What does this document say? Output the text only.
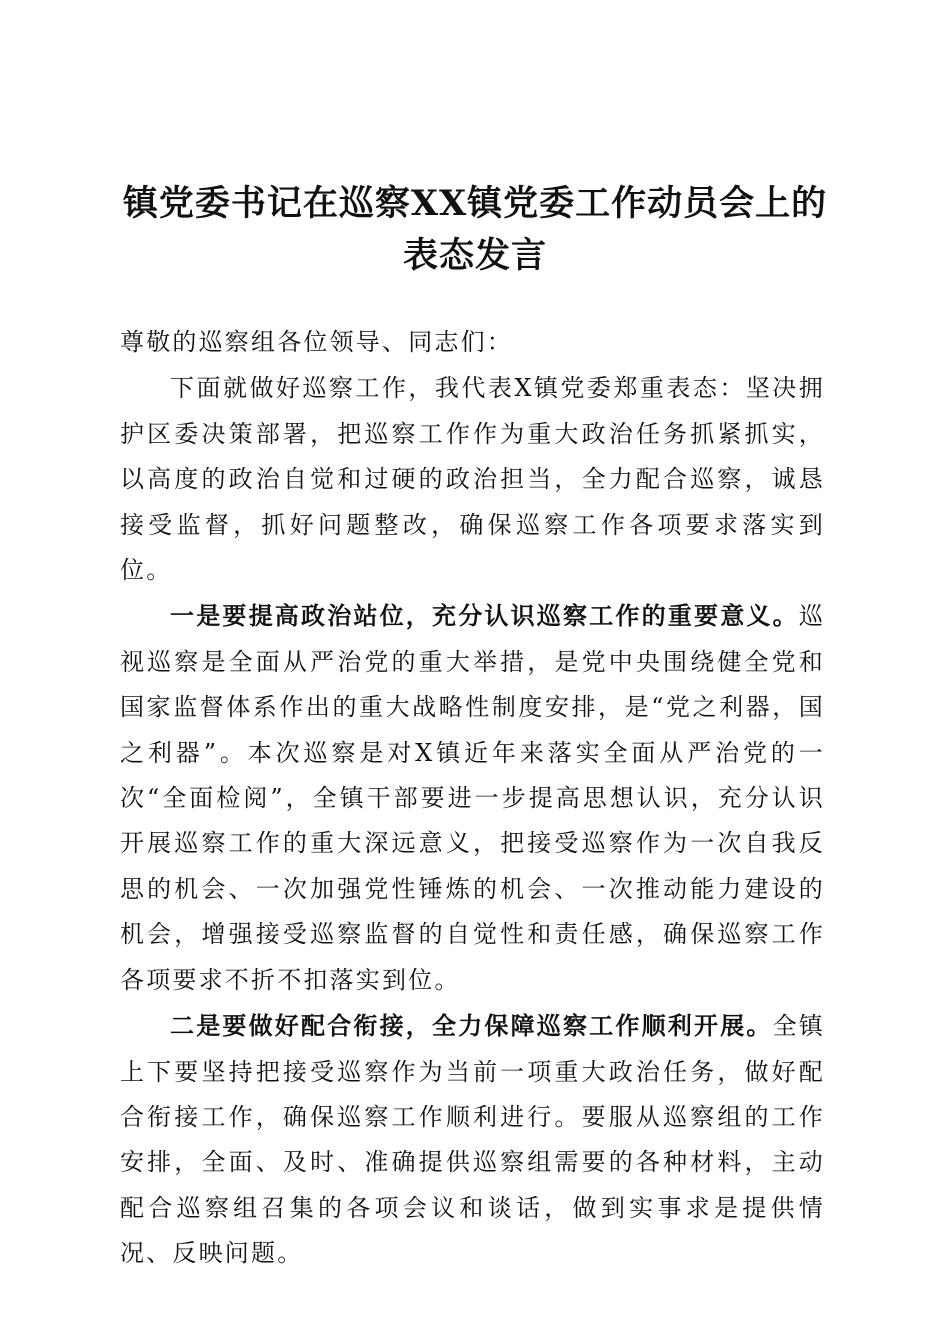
镇党委书记在巡察XX镇党委工作动员会上的
表态发言

尊敬的巡察组各位领导、同志们：

下面就做好巡察工作，我代表X镇党委郑重表态：坚决拥护区委决策部署，把巡察工作作为重大政治任务抓紧抓实，以高度的政治自觉和过硬的政治担当，全力配合巡察，诚恳接受监督，抓好问题整改，确保巡察工作各项要求落实到位。

一是要提高政治站位，充分认识巡察工作的重要意义。巡视巡察是全面从严治党的重大举措，是党中央围绕健全党和国家监督体系作出的重大战略性制度安排，是“党之利器，国之利器”。本次巡察是对X镇近年来落实全面从严治党的一次“全面检阅”，全镇干部要进一步提高思想认识，充分认识开展巡察工作的重大深远意义，把接受巡察作为一次自我反思的机会、一次加强党性锤炼的机会、一次推动能力建设的机会，增强接受巡察监督的自觉性和责任感，确保巡察工作各项要求不折不扣落实到位。

二是要做好配合衔接，全力保障巡察工作顺利开展。全镇上下要坚持把接受巡察作为当前一项重大政治任务，做好配合衔接工作，确保巡察工作顺利进行。要服从巡察组的工作安排，全面、及时、准确提供巡察组需要的各种材料，主动配合巡察组召集的各项会议和谈话，做到实事求是提供情况、反映问题。
